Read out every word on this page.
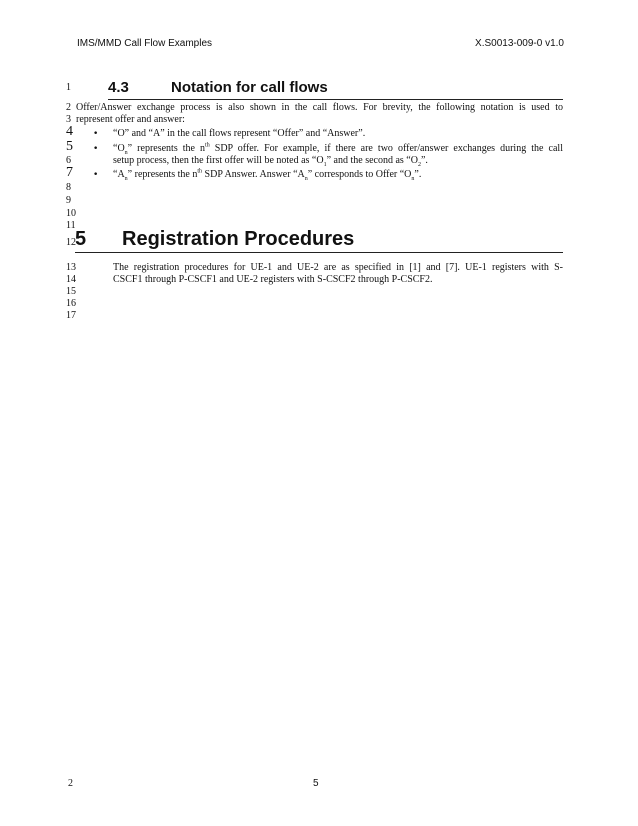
IMS/MMD Call Flow Examples	X.S0013-009-0 v1.0
1
2
3
4
5
6
7
8
9
10
11
12
13
14
15
16
17
4.3	Notation for call flows
Offer/Answer exchange process is also shown in the call flows. For brevity, the following notation is used to
represent offer and answer:
• “O” and “A” in the call flows represent “Offer” and “Answer”.
• “$O_n$” represents the $n^{th}$ SDP offer. For example, if there are two offer/answer exchanges during the call
setup process, then the first offer will be noted as “$O_1$” and the second as “$O_2$”.
• “$A_n$” represents the $n^{th}$ SDP Answer. Answer “$A_n$” corresponds to Offer “$O_n$”.
5 Registration Procedures
The registration procedures for UE-1 and UE-2 are as specified in [1] and [7]. UE-1 registers with S-
CSCF1 through P-CSCF1 and UE-2 registers with S-CSCF2 through P-CSCF2.
2	5
